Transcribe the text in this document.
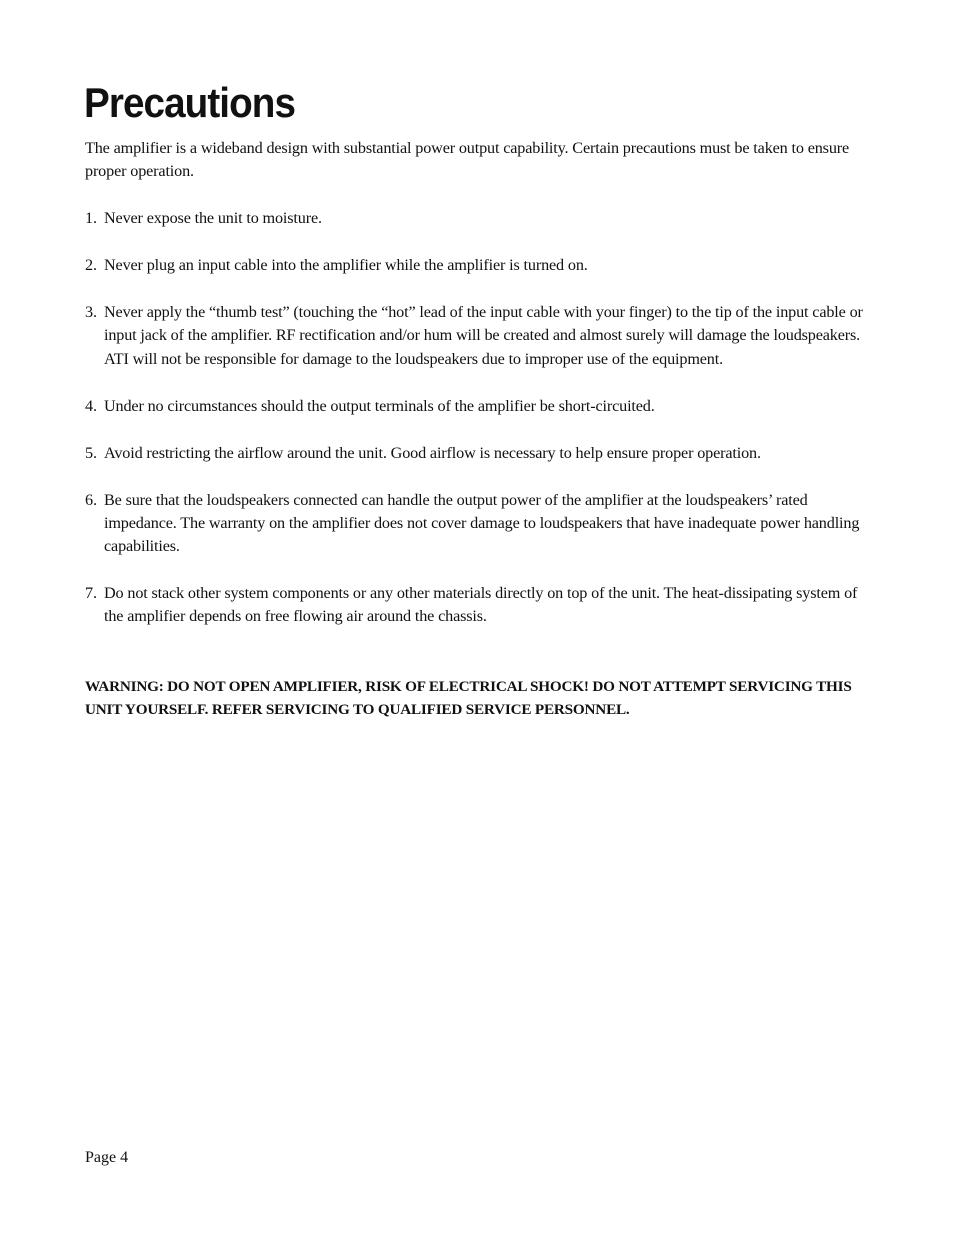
Precautions

The amplifier is a wideband design with substantial power output capability. Certain precautions must be taken to ensure proper operation.

1. Never expose the unit to moisture.
2. Never plug an input cable into the amplifier while the amplifier is turned on.
3. Never apply the “thumb test” (touching the “hot” lead of the input cable with your finger) to the tip of the input cable or input jack of the amplifier. RF rectification and/or hum will be created and almost surely will damage the loudspeakers. ATI will not be responsible for damage to the loudspeakers due to improper use of the equipment.
4. Under no circumstances should the output terminals of the amplifier be short-circuited.
5. Avoid restricting the airflow around the unit. Good airflow is necessary to help ensure proper operation.
6. Be sure that the loudspeakers connected can handle the output power of the amplifier at the loudspeakers’ rated impedance. The warranty on the amplifier does not cover damage to loudspeakers that have inadequate power handling capabilities.
7. Do not stack other system components or any other materials directly on top of the unit. The heat-dissipating system of the amplifier depends on free flowing air around the chassis.

WARNING: DO NOT OPEN AMPLIFIER, RISK OF ELECTRICAL SHOCK! DO NOT ATTEMPT SERVICING THIS UNIT YOURSELF. REFER SERVICING TO QUALIFIED SERVICE PERSONNEL.

Page 4
